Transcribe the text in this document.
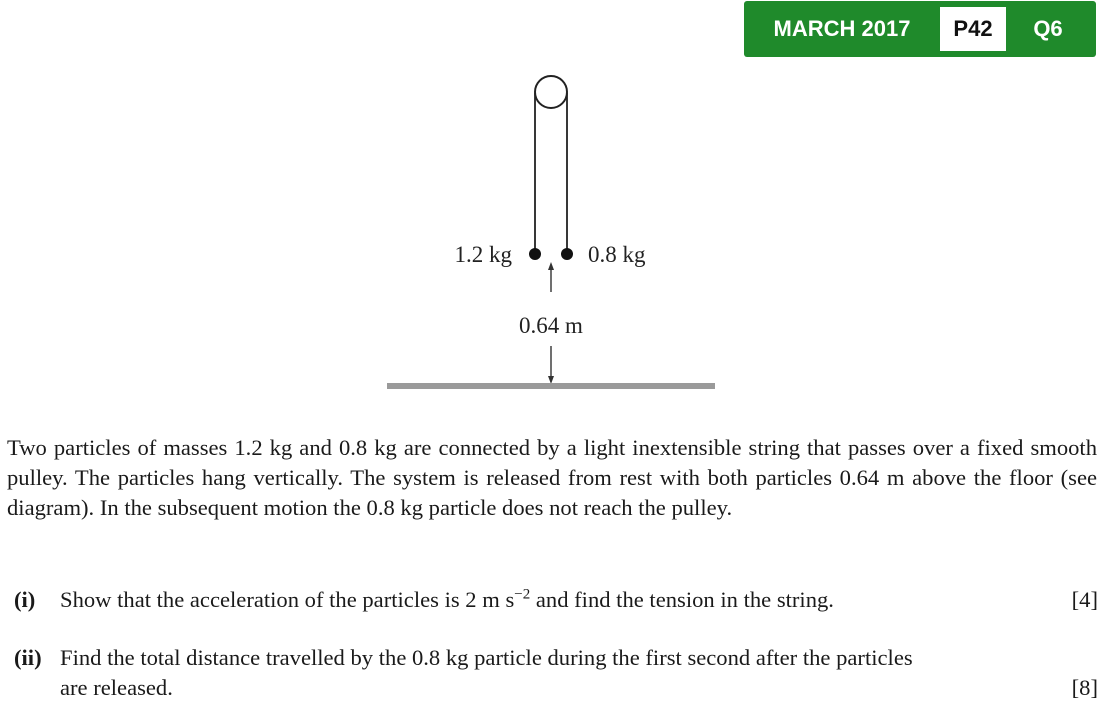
MARCH 2017	P42	Q6
1.2 kg	0.8 kg
0.64 m

Two particles of masses 1.2 kg and 0.8 kg are connected by a light inextensible string that passes over a fixed smooth pulley. The particles hang vertically. The system is released from rest with both particles 0.64 m above the floor (see diagram). In the subsequent motion the 0.8 kg particle does not reach the pulley.

(i)	Show that the acceleration of the particles is 2 m $s^{-2}$ and find the tension in the string.	[4]
(ii) Find the total distance travelled by the 0.8 kg particle during the first second after the particles
are released.	[8]
